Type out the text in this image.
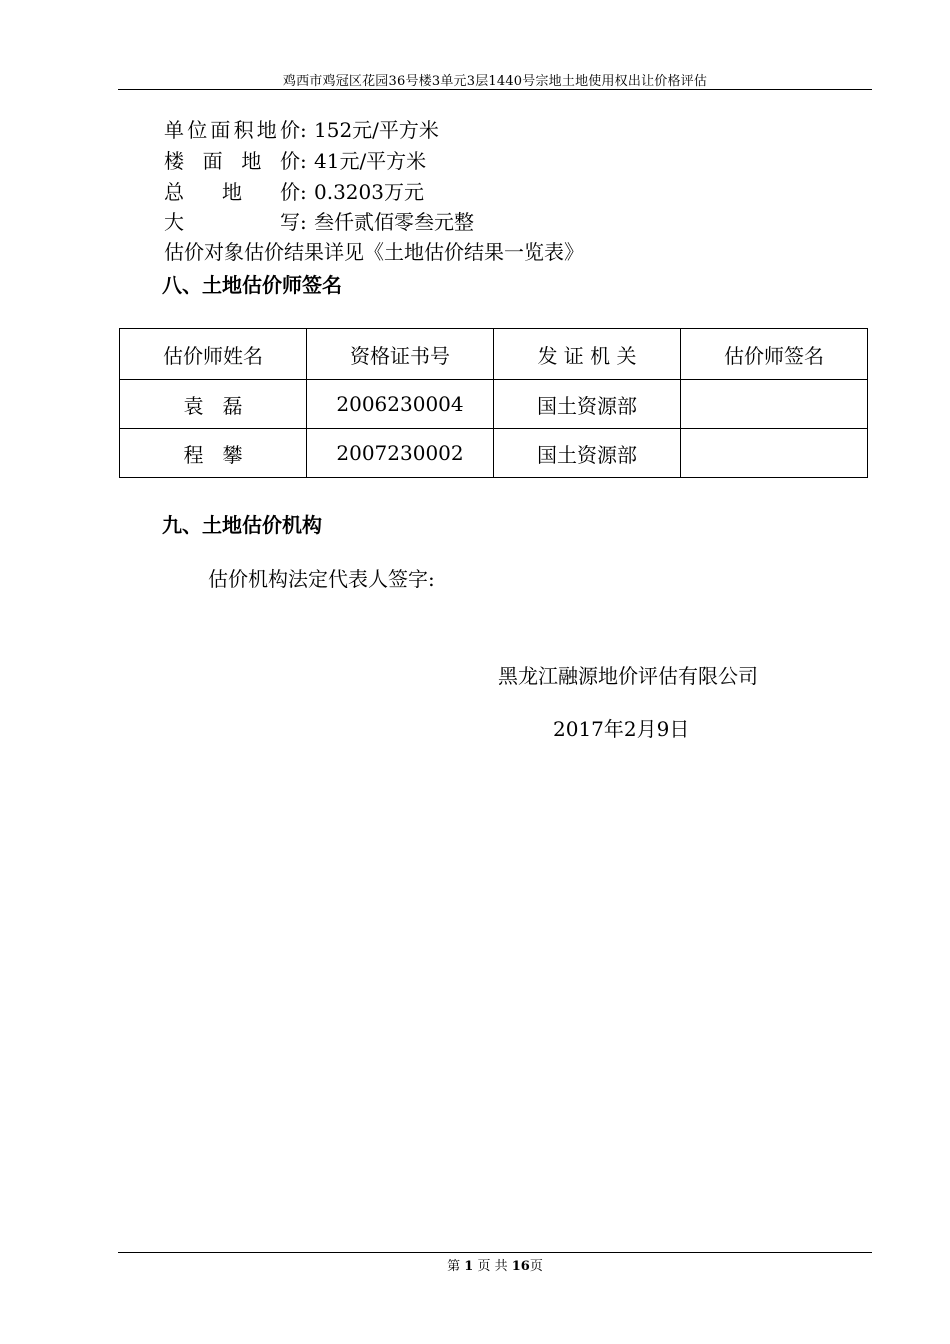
鸡西市鸡冠区花园36号楼3单元3层1440号宗地土地使用权出让价格评估
单位面积地价: 152元/平方米
楼面地价: 41元/平方米
总地价: 0.3203万元
大写: 叁仟贰佰零叁元整
估价对象估价结果详见《土地估价结果一览表》
八、土地估价师签名
估价师姓名	资格证书号	发 证 机 关	估价师签名
袁   磊	2006230004	国土资源部	
程   攀	2007230002	国土资源部	
九、土地估价机构
估价机构法定代表人签字:
黑龙江融源地价评估有限公司
2017年2月9日
第 1 页 共 16页
